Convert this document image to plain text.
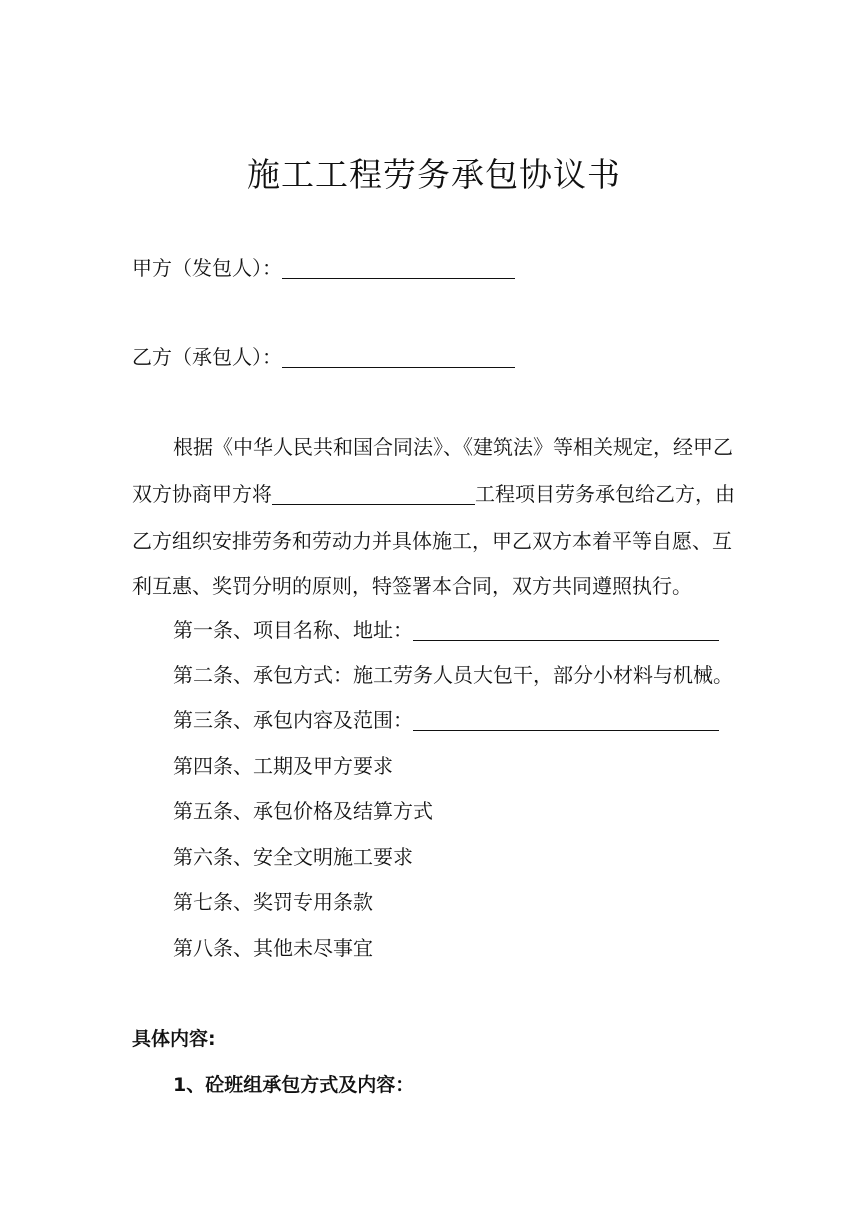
施工工程劳务承包协议书
甲方（发包人）：
乙方（承包人）：
根据《中华人民共和国合同法》、《建筑法》等相关规定，经甲乙
双方协商甲方将	工程项目劳务承包给乙方，由
乙方组织安排劳务和劳动力并具体施工，甲乙双方本着平等自愿、互
利互惠、奖罚分明的原则，特签署本合同，双方共同遵照执行。
第一条、项目名称、地址：
第二条、承包方式：施工劳务人员大包干，部分小材料与机械。
第三条、承包内容及范围：
第四条、工期及甲方要求
第五条、承包价格及结算方式
第六条、安全文明施工要求
第七条、奖罚专用条款
第八条、其他未尽事宜
具体内容:
1、砼班组承包方式及内容：
